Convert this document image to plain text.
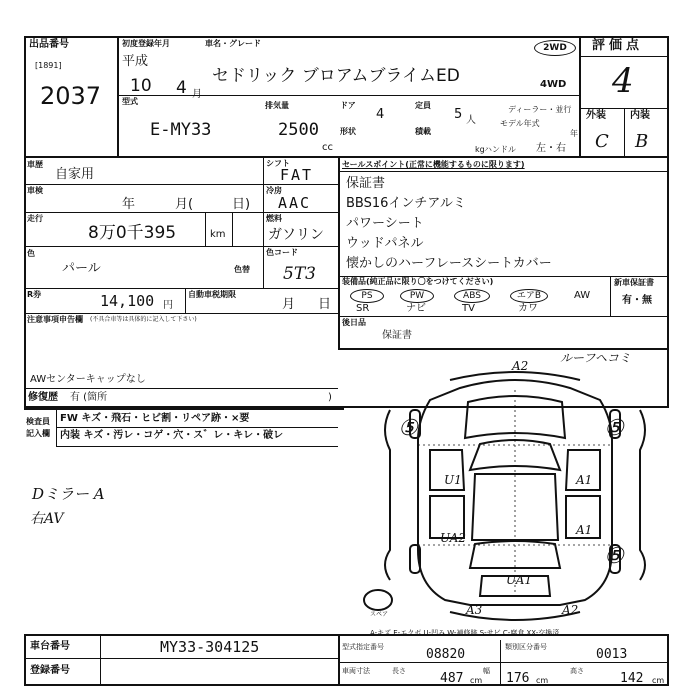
出品番号
[1891]
2037
初度登録年月
平成
10 4 月
車名・グレード
セドリック ブロアムブライムED
2WD
4WD
型式
E-MY33
排気量
2500
cc
ドア
4
定員
5 人
形状	積載
kg
ディーラー・並行
モデル年式
年
ハンドル 左・右
評価点
4
外装 内装
C B
車歴
自家用
車検
年	月(	日)
走行
8万0千395	km
色
パール	色替
R券	14,100 円
自動車税期限
月 日
シフト
FAT
冷房
AAC
燃料
ガソリン
色コード
5T3
セールスポイント(正常に機能するものに限ります)
保証書
BBS16インチアルミ
パワーシート
ウッドパネル
懐かしのハーフレースシートカバー
装備品(純正品に限り〇をつけてください)
PS	PW	ABS	エアB	AW
SR	ナビ	TV	カワ
新車保証書
有・無
後日品
保証書
注意事項申告欄 (不具合車等は具体的に記入して下さい)
AWセンターキャップなし
修復歴 有 (箇所	)
検査員
記入欄
FW キズ・飛石・ヒビ割・リペア跡・×要
内装 キズ・汚レ・コゲ・穴・ス゛レ・キレ・破レ
Dミラー A
右AV
A2
ルーフヘコミ
⑤	⑤
U1	A1
UA2
A1
⑤
UA1
スペア	A3	A2
A-キズ E-エクボ U-凹み W-補修跡 S-サビ C-腐食 XX-交換済
車台番号	MY33-304125
登録番号
型式指定番号	08820	類別区分番号	0013
車両寸法	長さ	487 cm
幅 176 cm
高さ	142 cm
